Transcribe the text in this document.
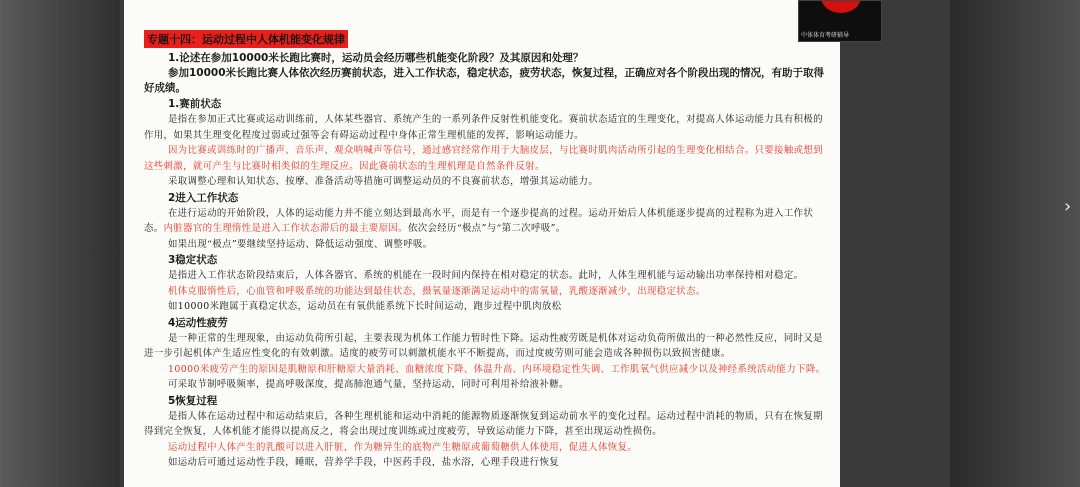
专题十四：运动过程中人体机能变化规律
1.论述在参加10000米长跑比赛时，运动员会经历哪些机能变化阶段？及其原因和处理？
参加10000米长跑比赛人体依次经历赛前状态，进入工作状态，稳定状态，疲劳状态，恢复过程，正确应对各个阶段出现的情况，有助于取得好成绩。
1.赛前状态
是指在参加正式比赛或运动训练前，人体某些器官、系统产生的一系列条件反射性机能变化。赛前状态适宜的生理变化，对提高人体运动能力具有积极的作用，如果其生理变化程度过弱或过强等会有碍运动过程中身体正常生理机能的发挥，影响运动能力。
因为比赛或训练时的广播声、音乐声、观众呐喊声等信号，通过感官经常作用于大脑皮层，与比赛时肌肉活动所引起的生理变化相结合。只要接触或想到这些刺激，就可产生与比赛时相类似的生理反应。因此赛前状态的生理机理是自然条件反射。
采取调整心理和认知状态、按摩、准备活动等措施可调整运动员的不良赛前状态，增强其运动能力。
2进入工作状态
在进行运动的开始阶段，人体的运动能力并不能立刻达到最高水平，而是有一个逐步提高的过程。运动开始后人体机能逐步提高的过程称为进入工作状态。内脏器官的生理惰性是进入工作状态滞后的最主要原因。依次会经历“极点”与“第二次呼吸”。
如果出现“极点”要继续坚持运动、降低运动强度、调整呼吸。
3稳定状态
是指进入工作状态阶段结束后，人体各器官、系统的机能在一段时间内保持在相对稳定的状态。此时，人体生理机能与运动输出功率保持相对稳定。
机体克服惰性后，心血管和呼吸系统的功能达到最佳状态，摄氧量逐渐满足运动中的需氧量，乳酸逐渐减少，出现稳定状态。
如10000米跑属于真稳定状态，运动员在有氧供能系统下长时间运动，跑步过程中肌肉放松
4运动性疲劳
是一种正常的生理现象，由运动负荷所引起，主要表现为机体工作能力暂时性下降。运动性疲劳既是机体对运动负荷所做出的一种必然性反应，同时又是进一步引起机体产生适应性变化的有效刺激。适度的疲劳可以刺激机能水平不断提高，而过度疲劳则可能会造成各种损伤以致损害健康。
10000米疲劳产生的原因是肌糖原和肝糖原大量消耗、血糖浓度下降、体温升高、内环境稳定性失调、工作肌氧气供应减少以及神经系统活动能力下降。
可采取节制呼吸频率，提高呼吸深度，提高肺泡通气量，坚持运动，同时可利用补给液补糖。
5恢复过程
是指人体在运动过程中和运动结束后，各种生理机能和运动中消耗的能源物质逐渐恢复到运动前水平的变化过程。运动过程中消耗的物质，只有在恢复期得到完全恢复，人体机能才能得以提高反之，将会出现过度训练或过度疲劳，导致运动能力下降，甚至出现运动性损伤。
运动过程中人体产生的乳酸可以进入肝脏，作为糖异生的底物产生糖原或葡萄糖供人体使用，促进人体恢复。
如运动后可通过运动性手段，睡眠，营养学手段，中医药手段，盐水浴，心理手段进行恢复
中体体育考研辅导
›
